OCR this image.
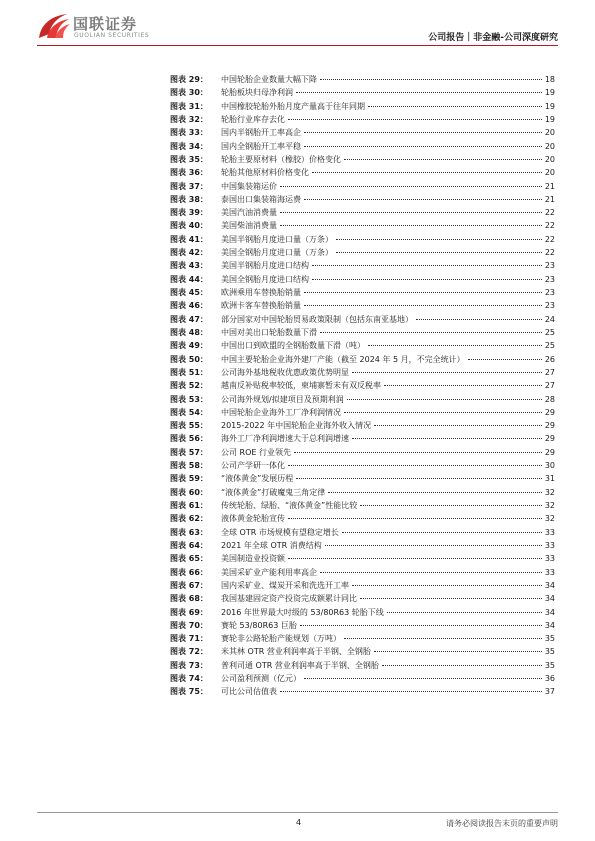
国联证券
GUOLIAN SECURITIES	公司报告｜非金融-公司深度研究
图表 29：	中国轮胎企业数量大幅下降	18
图表 30：	轮胎板块归母净利润	19
图表 31：	中国橡胶轮胎外胎月度产量高于往年同期	19
图表 32：	轮胎行业库存去化	19
图表 33：	国内半钢胎开工率高企	20
图表 34：	国内全钢胎开工率平稳	20
图表 35：	轮胎主要原材料（橡胶）价格变化	20
图表 36：	轮胎其他原材料价格变化	20
图表 37：	中国集装箱运价	21
图表 38：	泰国出口集装箱海运费	21
图表 39：	美国汽油消费量	22
图表 40：	美国柴油消费量	22
图表 41：	美国半钢胎月度进口量（万条）	22
图表 42：	美国全钢胎月度进口量（万条）	22
图表 43：	美国半钢胎月度进口结构	23
图表 44：	美国全钢胎月度进口结构	23
图表 45：	欧洲乘用车替换胎销量	23
图表 46：	欧洲卡客车替换胎销量	23
图表 47：	部分国家对中国轮胎贸易政策限制（包括东南亚基地）	24
图表 48：	中国对美出口轮胎数量下滑	25
图表 49：	中国出口到欧盟的全钢胎数量下滑（吨）	25
图表 50：	中国主要轮胎企业海外建厂产能（截至 2024 年 5 月，不完全统计）	26
图表 51：	公司海外基地税收优惠政策优势明显	27
图表 52：	越南反补贴税率较低，柬埔寨暂未有双反税率	27
图表 53：	公司海外规划/拟建项目及预期利润	28
图表 54：	中国轮胎企业海外工厂净利润情况	29
图表 55：	2015-2022 年中国轮胎企业海外收入情况	29
图表 56：	海外工厂净利润增速大于总利润增速	29
图表 57：	公司 ROE 行业领先	29
图表 58：	公司产学研一体化	30
图表 59：	“液体黄金”发展历程	31
图表 60：	“液体黄金”打破魔鬼三角定律	32
图表 61：	传统轮胎、绿胎、“液体黄金”性能比较	32
图表 62：	液体黄金轮胎宣传	32
图表 63：	全球 OTR 市场规模有望稳定增长	33
图表 64：	2021 年全球 OTR 消费结构	33
图表 65：	美国制造业投资额	33
图表 66：	美国采矿业产能利用率高企	33
图表 67：	国内采矿业、煤炭开采和洗选开工率	34
图表 68：	我国基建固定资产投资完成额累计同比	34
图表 69：	2016 年世界最大吋级的 53/80R63 轮胎下线	34
图表 70：	赛轮 53/80R63 巨胎	34
图表 71：	赛轮非公路轮胎产能规划（万吨）	35
图表 72：	米其林 OTR 营业利润率高于半钢、全钢胎	35
图表 73：	普利司通 OTR 营业利润率高于半钢、全钢胎	35
图表 74：	公司盈利预测（亿元）	36
图表 75：	可比公司估值表	37
4	请务必阅读报告末页的重要声明
